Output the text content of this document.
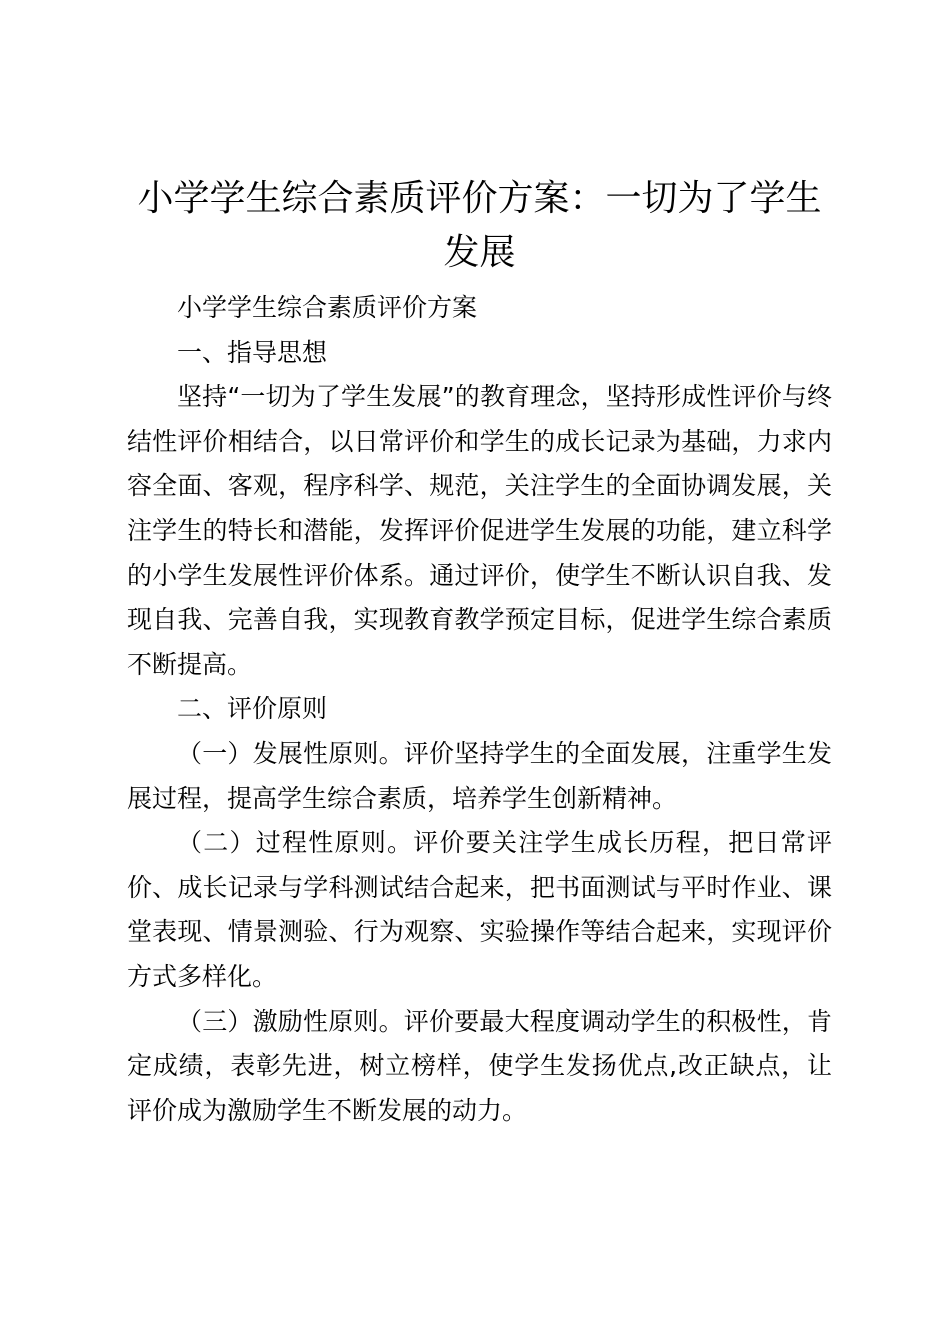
小学学生综合素质评价方案：一切为了学生发展

小学学生综合素质评价方案

一、指导思想

坚持“一切为了学生发展”的教育理念，坚持形成性评价与终结性评价相结合，以日常评价和学生的成长记录为基础，力求内容全面、客观，程序科学、规范，关注学生的全面协调发展，关注学生的特长和潜能，发挥评价促进学生发展的功能，建立科学的小学生发展性评价体系。通过评价，使学生不断认识自我、发现自我、完善自我，实现教育教学预定目标，促进学生综合素质不断提高。

二、评价原则

（一）发展性原则。评价坚持学生的全面发展，注重学生发展过程，提高学生综合素质，培养学生创新精神。

（二）过程性原则。评价要关注学生成长历程，把日常评价、成长记录与学科测试结合起来，把书面测试与平时作业、课堂表现、情景测验、行为观察、实验操作等结合起来，实现评价方式多样化。

（三）激励性原则。评价要最大程度调动学生的积极性，肯定成绩，表彰先进，树立榜样，使学生发扬优点,改正缺点，让评价成为激励学生不断发展的动力。
